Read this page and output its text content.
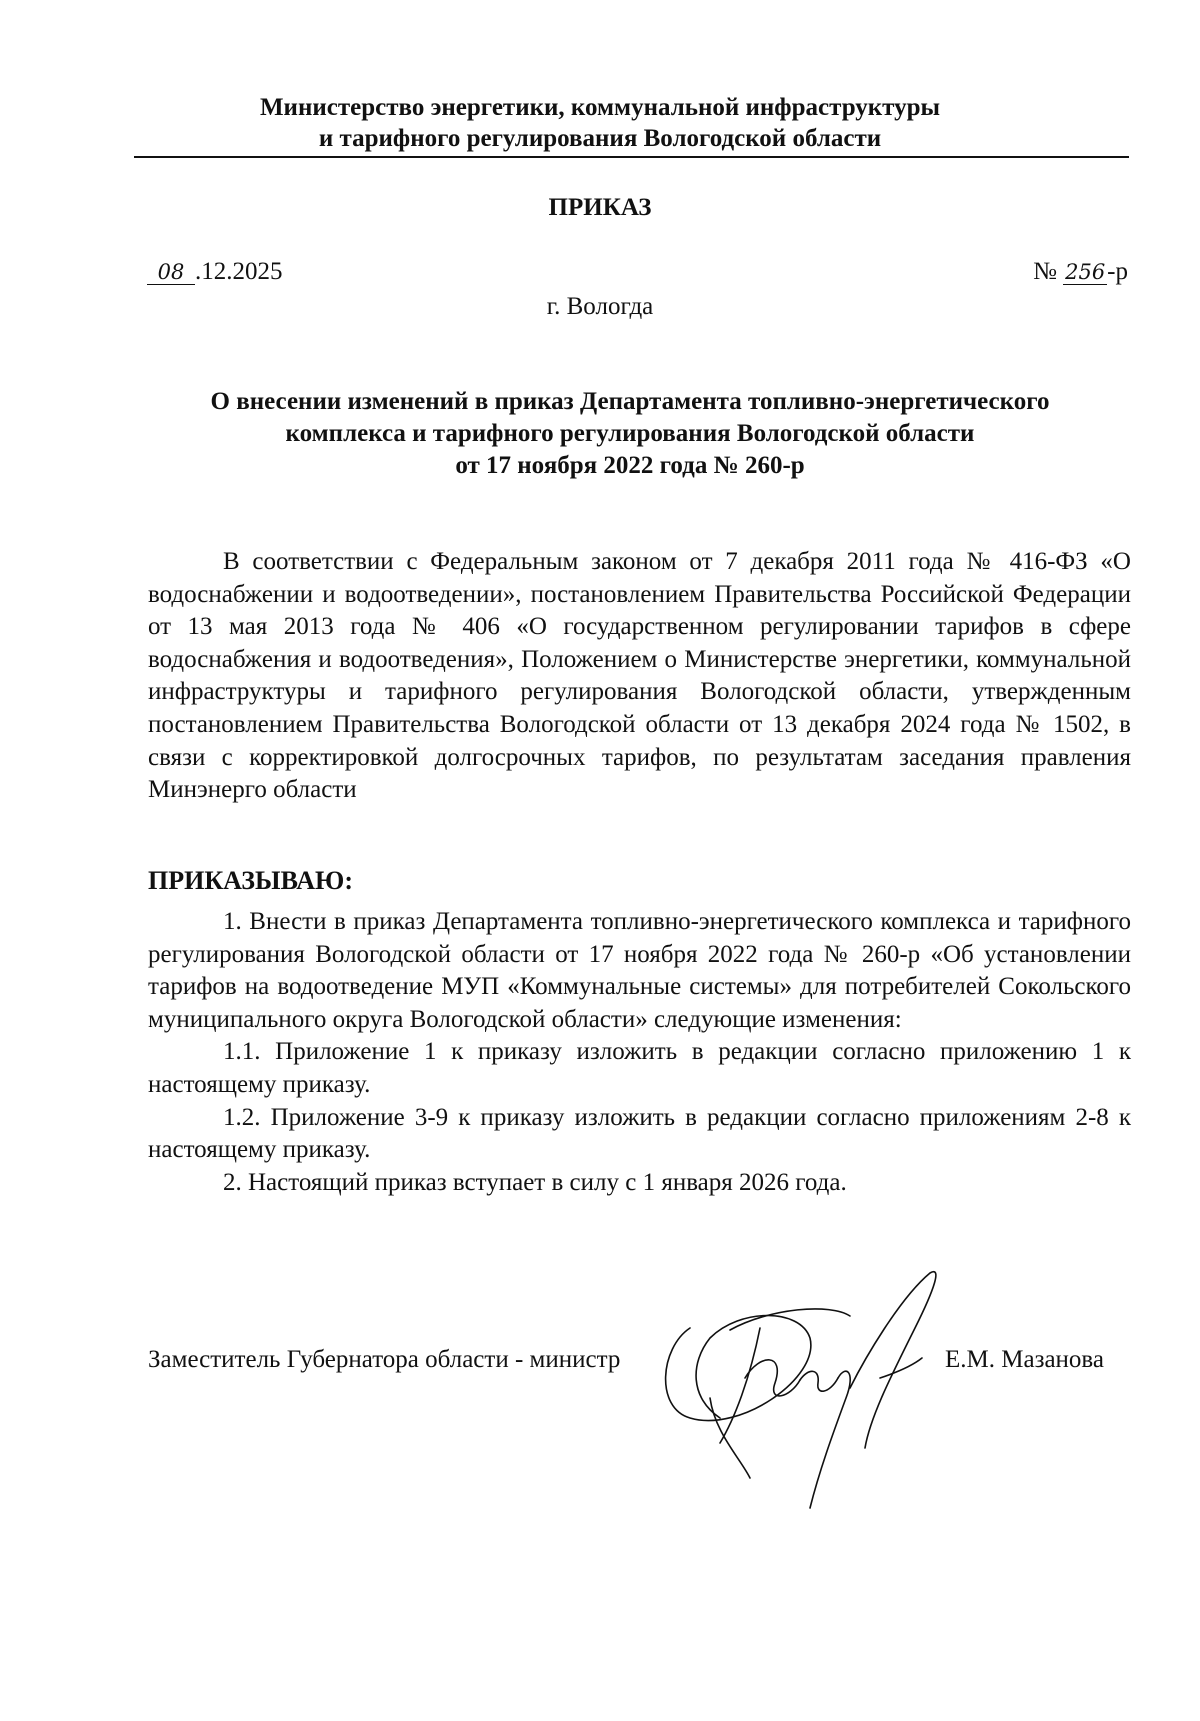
Министерство энергетики, коммунальной инфраструктуры
и тарифного регулирования Вологодской области
ПРИКАЗ
08 .12.2025	№ 256-р
г. Вологда
О внесении изменений в приказ Департамента топливно-энергетического
комплекса и тарифного регулирования Вологодской области
от 17 ноября 2022 года № 260-р

В соответствии с Федеральным законом от 7 декабря 2011 года № 416-ФЗ «О водоснабжении и водоотведении», постановлением Правительства Российской Федерации от 13 мая 2013 года № 406 «О государственном регулировании тарифов в сфере водоснабжения и водоотведения», Положением о Министерстве энергетики, коммунальной инфраструктуры и тарифного регулирования Вологодской области, утвержденным постановлением Правительства Вологодской области от 13 декабря 2024 года № 1502, в связи с корректировкой долгосрочных тарифов, по результатам заседания правления Минэнерго области

ПРИКАЗЫВАЮ:

1. Внести в приказ Департамента топливно-энергетического комплекса и тарифного регулирования Вологодской области от 17 ноября 2022 года № 260-р «Об установлении тарифов на водоотведение МУП «Коммунальные системы» для потребителей Сокольского муниципального округа Вологодской области» следующие изменения:

1.1. Приложение 1 к приказу изложить в редакции согласно приложению 1 к настоящему приказу.

1.2. Приложение 3-9 к приказу изложить в редакции согласно приложениям 2-8 к настоящему приказу.

2. Настоящий приказ вступает в силу с 1 января 2026 года.

Заместитель Губернатора области - министр	Е.М. Мазанова
